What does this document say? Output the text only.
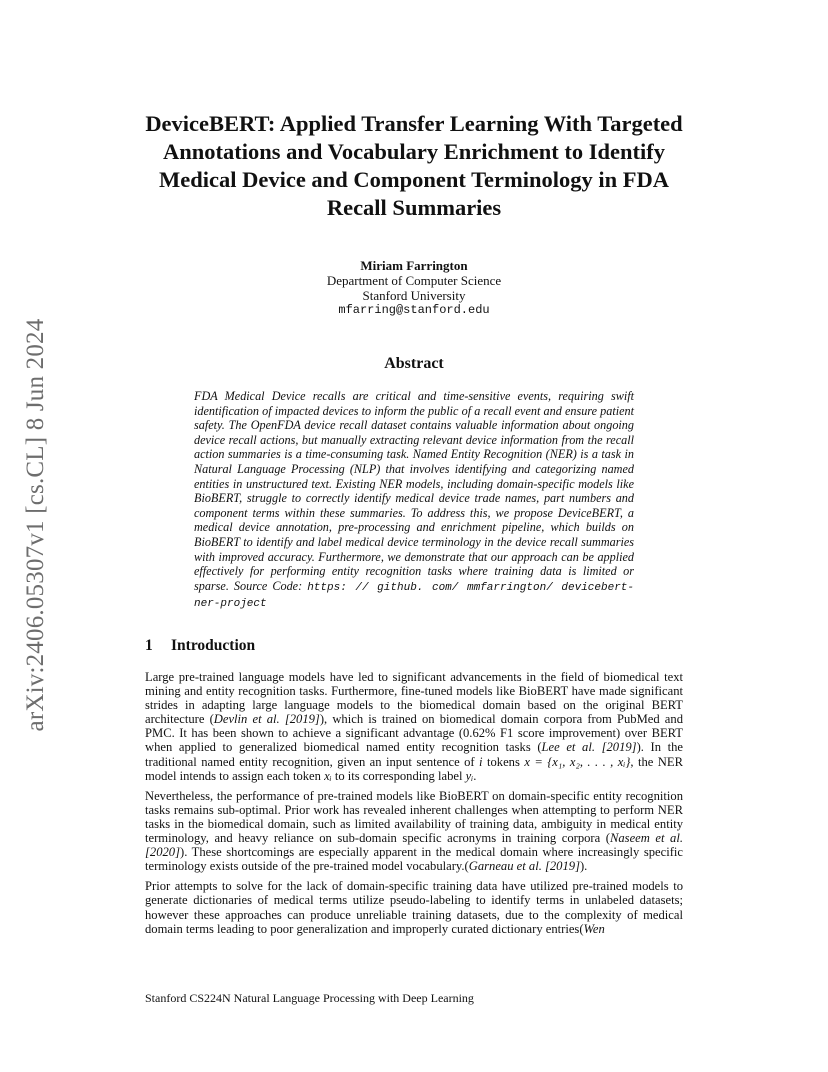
arXiv:2406.05307v1 [cs.CL] 8 Jun 2024
DeviceBERT: Applied Transfer Learning With Targeted Annotations and Vocabulary Enrichment to Identify Medical Device and Component Terminology in FDA Recall Summaries
Miriam Farrington
Department of Computer Science
Stanford University
mfarring@stanford.edu
Abstract
FDA Medical Device recalls are critical and time-sensitive events, requiring swift identification of impacted devices to inform the public of a recall event and ensure patient safety. The OpenFDA device recall dataset contains valuable information about ongoing device recall actions, but manually extracting relevant device information from the recall action summaries is a time-consuming task. Named Entity Recognition (NER) is a task in Natural Language Processing (NLP) that involves identifying and categorizing named entities in unstructured text. Existing NER models, including domain-specific models like BioBERT, struggle to correctly identify medical device trade names, part numbers and component terms within these summaries. To address this, we propose DeviceBERT, a medical device annotation, pre-processing and enrichment pipeline, which builds on BioBERT to identify and label medical device terminology in the device recall summaries with improved accuracy. Furthermore, we demonstrate that our approach can be applied effectively for performing entity recognition tasks where training data is limited or sparse. Source Code: https: // github. com/ mmfarrington/ devicebert-ner-project
1 Introduction

Large pre-trained language models have led to significant advancements in the field of biomedical text mining and entity recognition tasks. Furthermore, fine-tuned models like BioBERT have made significant strides in adapting large language models to the biomedical domain based on the original BERT architecture (Devlin et al. [2019]), which is trained on biomedical domain corpora from PubMed and PMC. It has been shown to achieve a significant advantage (0.62% F1 score improvement) over BERT when applied to generalized biomedical named entity recognition tasks (Lee et al. [2019]). In the traditional named entity recognition, given an input sentence of i tokens x = {x₁, x₂, . . . , xᵢ}, the NER model intends to assign each token xᵢ to its corresponding label yᵢ.

Nevertheless, the performance of pre-trained models like BioBERT on domain-specific entity recognition tasks remains sub-optimal. Prior work has revealed inherent challenges when attempting to perform NER tasks in the biomedical domain, such as limited availability of training data, ambiguity in medical entity terminology, and heavy reliance on sub-domain specific acronyms in training corpora (Naseem et al. [2020]). These shortcomings are especially apparent in the medical domain where increasingly specific terminology exists outside of the pre-trained model vocabulary.(Garneau et al. [2019]).

Prior attempts to solve for the lack of domain-specific training data have utilized pre-trained models to generate dictionaries of medical terms utilize pseudo-labeling to identify terms in unlabeled datasets; however these approaches can produce unreliable training datasets, due to the complexity of medical domain terms leading to poor generalization and improperly curated dictionary entries(Wen

Stanford CS224N Natural Language Processing with Deep Learning
